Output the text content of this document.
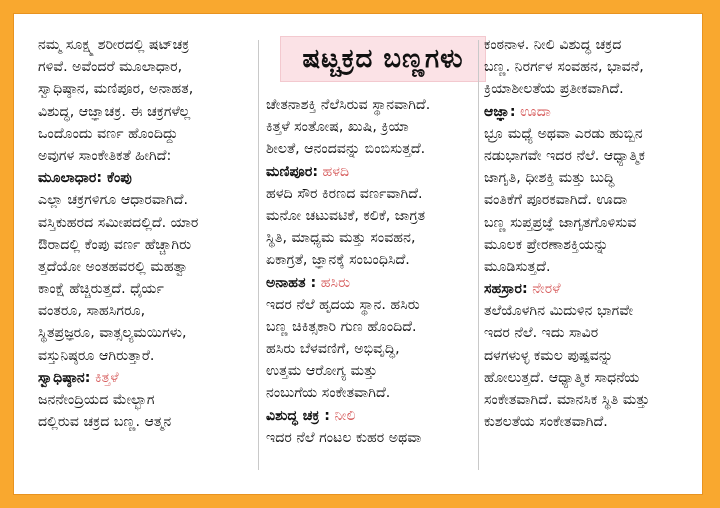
ಷಟ್ಚಕ್ರದ ಬಣ್ಣಗಳು
ನಮ್ಮ ಸೂಕ್ಷ್ಮ ಶರೀರದಲ್ಲಿ ಷಟ್‌ಚಕ್ರ
ಗಳಿವೆ. ಅವೆಂದರೆ ಮೂಲಾಧಾರ,
ಸ್ವಾಧಿಷ್ಠಾನ, ಮಣಿಪೂರ, ಅನಾಹತ,
ವಿಶುದ್ಧ, ಆಜ್ಞಾಚಕ್ರ. ಈ ಚಕ್ರಗಳೆಲ್ಲ
ಒಂದೊಂದು ವರ್ಣ ಹೊಂದಿದ್ದು
ಅವುಗಳ ಸಾಂಕೇತಿಕತೆ ಹೀಗಿದೆ:
ಮೂಲಾಧಾರ: ಕೆಂಪು
ಎಲ್ಲಾ ಚಕ್ರಗಳಿಗೂ ಆಧಾರವಾಗಿದೆ.
ವಸ್ತಿಕುಹರದ ಸಮೀಪದಲ್ಲಿದೆ. ಯಾರ
ಔರಾದಲ್ಲಿ ಕೆಂಪು ವರ್ಣ ಹೆಚ್ಚಾಗಿರು
ತ್ತದೆಯೋ ಅಂತಹವರಲ್ಲಿ ಮಹತ್ವಾ
ಕಾಂಕ್ಷೆ ಹೆಚ್ಚಿರುತ್ತದೆ. ಧೈರ್ಯ
ವಂತರೂ, ಸಾಹಸಿಗರೂ,
ಸ್ಥಿತಪ್ರಜ್ಞರೂ, ವಾತ್ಸಲ್ಯಮಯಿಗಳು,
ವಸ್ತುನಿಷ್ಠರೂ ಆಗಿರುತ್ತಾರೆ.
ಸ್ವಾಧಿಷ್ಠಾನ: ಕಿತ್ತಳೆ
ಜನನೇಂದ್ರಿಯದ ಮೇಲ್ಭಾಗ
ದಲ್ಲಿರುವ ಚಕ್ರದ ಬಣ್ಣ. ಆತ್ಮನ
ಚೇತನಾಶಕ್ತಿ ನೆಲೆಸಿರುವ ಸ್ಥಾನವಾಗಿದೆ.
ಕಿತ್ತಳೆ ಸಂತೋಷ, ಖುಷಿ, ಕ್ರಿಯಾ
ಶೀಲತೆ, ಆನಂದವನ್ನು ಬಿಂಬಿಸುತ್ತದೆ.
ಮಣಿಪೂರ: ಹಳದಿ
ಹಳದಿ ಸೌರ ಕಿರಣದ ವರ್ಣವಾಗಿದೆ.
ಮನೋ ಚಟುವಟಿಕೆ, ಕಲಿಕೆ, ಜಾಗ್ರತ
ಸ್ಥಿತಿ, ಮಾಧ್ಯಮ ಮತ್ತು ಸಂವಹನ,
ಏಕಾಗ್ರತೆ, ಜ್ಞಾನಕ್ಕೆ ಸಂಬಂಧಿಸಿದೆ.
ಅನಾಹತ : ಹಸಿರು
ಇದರ ನೆಲೆ ಹೃದಯ ಸ್ಥಾನ. ಹಸಿರು
ಬಣ್ಣ ಚಿಕಿತ್ಸಕಾರಿ ಗುಣ ಹೊಂದಿದೆ.
ಹಸಿರು ಬೆಳವಣಿಗೆ, ಅಭಿವೃದ್ಧಿ,
ಉತ್ತಮ ಆರೋಗ್ಯ ಮತ್ತು
ನಂಬುಗೆಯ ಸಂಕೇತವಾಗಿದೆ.
ವಿಶುದ್ಧ ಚಕ್ರ : ನೀಲಿ
ಇದರ ನೆಲೆ ಗಂಟಲ ಕುಹರ ಅಥವಾ
ಕಂಠನಾಳ. ನೀಲಿ ವಿಶುದ್ಧ ಚಕ್ರದ
ಬಣ್ಣ. ನಿರರ್ಗಳ ಸಂವಹನ, ಭಾವನೆ,
ಕ್ರಿಯಾಶೀಲತೆಯ ಪ್ರತೀಕವಾಗಿದೆ.
ಆಜ್ಞಾ: ಊದಾ
ಭ್ರೂ ಮಧ್ಯೆ ಅಥವಾ ಎರಡು ಹುಬ್ಬಿನ
ನಡುಭಾಗವೇ ಇದರ ನೆಲೆ. ಆಧ್ಯಾತ್ಮಿಕ
ಜಾಗೃತಿ, ಧೀಶಕ್ತಿ ಮತ್ತು ಬುದ್ಧಿ
ವಂತಿಕೆಗೆ ಪೂರಕವಾಗಿದೆ. ಊದಾ
ಬಣ್ಣ ಸುಪ್ತಪ್ರಜ್ಞೆ ಜಾಗೃತಗೊಳಿಸುವ
ಮೂಲಕ ಪ್ರೇರಣಾಶಕ್ತಿಯನ್ನು
ಮೂಡಿಸುತ್ತದೆ.
ಸಹಸ್ರಾರ: ನೇರಳೆ
ತಲೆಯೊಳಗಿನ ಮಿದುಳಿನ ಭಾಗವೇ
ಇದರ ನೆಲೆ. ಇದು ಸಾವಿರ
ದಳಗಳುಳ್ಳ ಕಮಲ ಪುಷ್ಪವನ್ನು
ಹೋಲುತ್ತದೆ. ಆಧ್ಯಾತ್ಮಿಕ ಸಾಧನೆಯ
ಸಂಕೇತವಾಗಿದೆ. ಮಾನಸಿಕ ಸ್ಥಿತಿ ಮತ್ತು
ಕುಶಲತೆಯ ಸಂಕೇತವಾಗಿದೆ.
